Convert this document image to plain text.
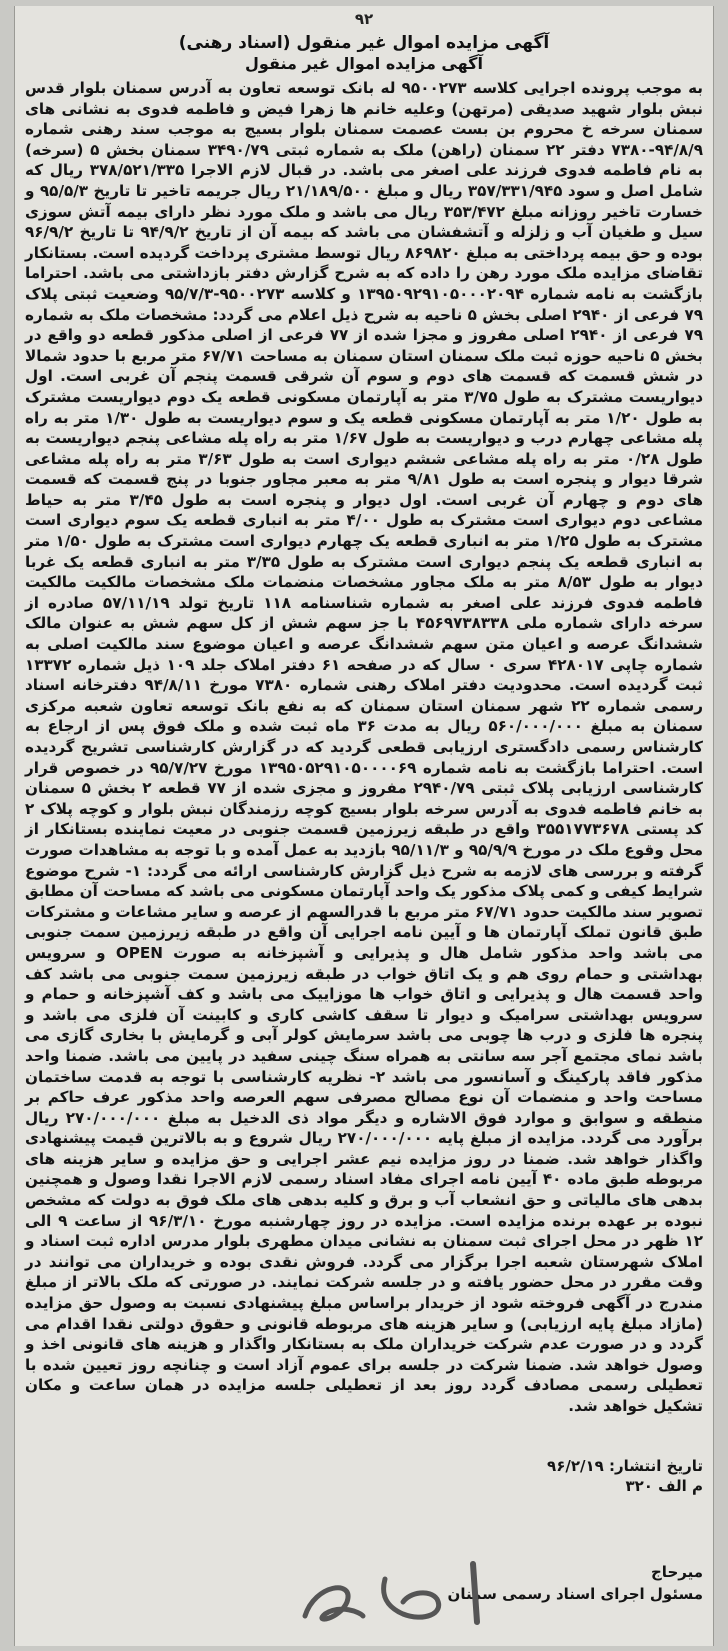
۹۲
آگهی مزایده اموال غیر منقول (اسناد رهنی)
آگهی مزایده اموال غیر منقول
به موجب پرونده اجرایی کلاسه ۹۵۰۰۲۷۳ له بانک توسعه تعاون به آدرس سمنان بلوار قدس نبش بلوار شهید صدیقی (مرتهن) وعلیه خانم ها زهرا فیض و فاطمه فدوی به نشانی های سمنان سرخه خ محروم بن بست عصمت سمنان بلوار بسیج به موجب سند رهنی شماره ۹۴/۸/۹-۷۳۸۰ دفتر ۲۲ سمنان (راهن) ملک به شماره ثبتی ۳۴۹۰/۷۹ سمنان بخش ۵ (سرخه) به نام فاطمه فدوی فرزند علی اصغر می باشد. در قبال لازم الاجرا ۳۷۸/۵۲۱/۳۳۵ ریال که شامل اصل و سود ۳۵۷/۳۳۱/۹۴۵ ریال و مبلغ ۲۱/۱۸۹/۵۰۰ ریال جریمه تاخیر تا تاریخ ۹۵/۵/۳ و خسارت تاخیر روزانه مبلغ ۳۵۳/۴۷۲ ریال می باشد و ملک مورد نظر دارای بیمه آتش سوزی سیل و طغیان آب و زلزله و آتشفشان می باشد که بیمه آن از تاریخ ۹۴/۹/۲ تا تاریخ ۹۶/۹/۲ بوده و حق بیمه پرداختی به مبلغ ۸۶۹۸۲۰ ریال توسط مشتری پرداخت گردیده است. بستانکار تقاضای مزایده ملک مورد رهن را داده که به شرح گزارش دفتر بازداشتی می باشد. احتراما بازگشت به نامه شماره ۱۳۹۵۰۹۲۹۱۰۵۰۰۰۲۰۹۴ و کلاسه ۹۵۰۰۲۷۳-۹۵/۷/۳ وضعیت ثبتی پلاک ۷۹ فرعی از ۲۹۴۰ اصلی بخش ۵ ناحیه به شرح ذیل اعلام می گردد: مشخصات ملک به شماره ۷۹ فرعی از ۲۹۴۰ اصلی مفروز و مجزا شده از ۷۷ فرعی از اصلی مذکور قطعه دو واقع در بخش ۵ ناحیه حوزه ثبت ملک سمنان استان سمنان به مساحت ۶۷/۷۱ متر مربع با حدود شمالا در شش قسمت که قسمت های دوم و سوم آن شرقی قسمت پنجم آن غربی است. اول دیواریست مشترک به طول ۳/۷۵ متر به آپارتمان مسکونی قطعه یک دوم دیواریست مشترک به طول ۱/۲۰ متر به آپارتمان مسکونی قطعه یک و سوم دیواریست به طول ۱/۳۰ متر به راه پله مشاعی چهارم درب و دیواریست به طول ۱/۶۷ متر به راه پله مشاعی پنجم دیواریست به طول ۰/۲۸ متر به راه پله مشاعی ششم دیواری است به طول ۳/۶۳ متر به راه پله مشاعی شرقا دیوار و پنجره است به طول ۹/۸۱ متر به معبر مجاور جنوبا در پنج قسمت که قسمت های دوم و چهارم آن غربی است. اول دیوار و پنجره است به طول ۳/۴۵ متر به حیاط مشاعی دوم دیواری است مشترک به طول ۴/۰۰ متر به انباری قطعه یک سوم دیواری است مشترک به طول ۱/۲۵ متر به انباری قطعه یک چهارم دیواری است مشترک به طول ۱/۵۰ متر به انباری قطعه یک پنجم دیواری است مشترک به طول ۳/۳۵ متر به انباری قطعه یک غربا دیوار به طول ۸/۵۳ متر به ملک مجاور مشخصات منضمات ملک مشخصات مالکیت مالکیت فاطمه فدوی فرزند علی اصغر به شماره شناسنامه ۱۱۸ تاریخ تولد ۵۷/۱۱/۱۹ صادره از سرخه دارای شماره ملی ۴۵۶۹۷۳۸۳۳۸ با جز سهم شش از کل سهم شش به عنوان مالک ششدانگ عرصه و اعیان متن سهم ششدانگ عرصه و اعیان موضوع سند مالکیت اصلی به شماره چاپی ۴۲۸۰۱۷ سری ۰ سال که در صفحه ۶۱ دفتر املاک جلد ۱۰۹ ذیل شماره ۱۳۳۷۲ ثبت گردیده است. محدودیت دفتر املاک رهنی شماره ۷۳۸۰ مورخ ۹۴/۸/۱۱ دفترخانه اسناد رسمی شماره ۲۲ شهر سمنان استان سمنان که به نفع بانک توسعه تعاون شعبه مرکزی سمنان به مبلغ ۵۶۰/۰۰۰/۰۰۰ ریال به مدت ۳۶ ماه ثبت شده و ملک فوق پس از ارجاع به کارشناس رسمی دادگستری ارزیابی قطعی گردید که در گزارش کارشناسی تشریح گردیده است. احتراما بازگشت به نامه شماره ۱۳۹۵۰۵۲۹۱۰۵۰۰۰۰۶۹ مورخ ۹۵/۷/۲۷ در خصوص قرار کارشناسی ارزیابی پلاک ثبتی ۲۹۴۰/۷۹ مفروز و مجزی شده از ۷۷ قطعه ۲ بخش ۵ سمنان به خانم فاطمه فدوی به آدرس سرخه بلوار بسیج کوچه رزمندگان نبش بلوار و کوچه پلاک ۲ کد پستی ۳۵۵۱۷۷۳۶۷۸ واقع در طبقه زیرزمین قسمت جنوبی در معیت نماینده بستانکار از محل وقوع ملک در مورخ ۹۵/۹/۹ و ۹۵/۱۱/۳ بازدید به عمل آمده و با توجه به مشاهدات صورت گرفته و بررسی های لازمه به شرح ذیل گزارش کارشناسی ارائه می گردد: ۱- شرح موضوع شرایط کیفی و کمی پلاک مذکور یک واحد آپارتمان مسکونی می باشد که مساحت آن مطابق تصویر سند مالکیت حدود ۶۷/۷۱ متر مربع با قدرالسهم از عرصه و سایر مشاعات و مشترکات طبق قانون تملک آپارتمان ها و آیین نامه اجرایی آن واقع در طبقه زیرزمین سمت جنوبی می باشد واحد مذکور شامل هال و پذیرایی و آشپزخانه به صورت OPEN و سرویس بهداشتی و حمام روی هم و یک اتاق خواب در طبقه زیرزمین سمت جنوبی می باشد کف واحد قسمت هال و پذیرایی و اتاق خواب ها موزاییک می باشد و کف آشپزخانه و حمام و سرویس بهداشتی سرامیک و دیوار تا سقف کاشی کاری و کابینت آن فلزی می باشد و پنجره ها فلزی و درب ها چوبی می باشد سرمایش کولر آبی و گرمایش با بخاری گازی می باشد نمای مجتمع آجر سه سانتی به همراه سنگ چینی سفید در پایین می باشد. ضمنا واحد مذکور فاقد پارکینگ و آسانسور می باشد ۲- نظریه کارشناسی با توجه به قدمت ساختمان مساحت واحد و منضمات آن نوع مصالح مصرفی سهم العرصه واحد مذکور عرف حاکم بر منطقه و سوابق و موارد فوق الاشاره و دیگر مواد ذی الدخیل به مبلغ ۲۷۰/۰۰۰/۰۰۰ ریال برآورد می گردد. مزایده از مبلغ پایه ۲۷۰/۰۰۰/۰۰۰ ریال شروع و به بالاترین قیمت پیشنهادی واگذار خواهد شد. ضمنا در روز مزایده نیم عشر اجرایی و حق مزایده و سایر هزینه های مربوطه طبق ماده ۴۰ آیین نامه اجرای مفاد اسناد رسمی لازم الاجرا نقدا وصول و همچنین بدهی های مالیاتی و حق انشعاب آب و برق و کلیه بدهی های ملک فوق به دولت که مشخص نبوده بر عهده برنده مزایده است. مزایده در روز چهارشنبه مورخ ۹۶/۳/۱۰ از ساعت ۹ الی ۱۲ ظهر در محل اجرای ثبت سمنان به نشانی میدان مطهری بلوار مدرس اداره ثبت اسناد و املاک شهرستان شعبه اجرا برگزار می گردد. فروش نقدی بوده و خریداران می توانند در وقت مقرر در محل حضور یافته و در جلسه شرکت نمایند. در صورتی که ملک بالاتر از مبلغ مندرج در آگهی فروخته شود از خریدار براساس مبلغ پیشنهادی نسبت به وصول حق مزایده (مازاد مبلغ پایه ارزیابی) و سایر هزینه های مربوطه قانونی و حقوق دولتی نقدا اقدام می گردد و در صورت عدم شرکت خریداران ملک به بستانکار واگذار و هزینه های قانونی اخذ و وصول خواهد شد. ضمنا شرکت در جلسه برای عموم آزاد است و چنانچه روز تعیین شده با تعطیلی رسمی مصادف گردد روز بعد از تعطیلی جلسه مزایده در همان ساعت و مکان تشکیل خواهد شد.
تاریخ انتشار: ۹۶/۲/۱۹
م الف ۳۲۰
میرحاج
مسئول اجرای اسناد رسمی سمنان
